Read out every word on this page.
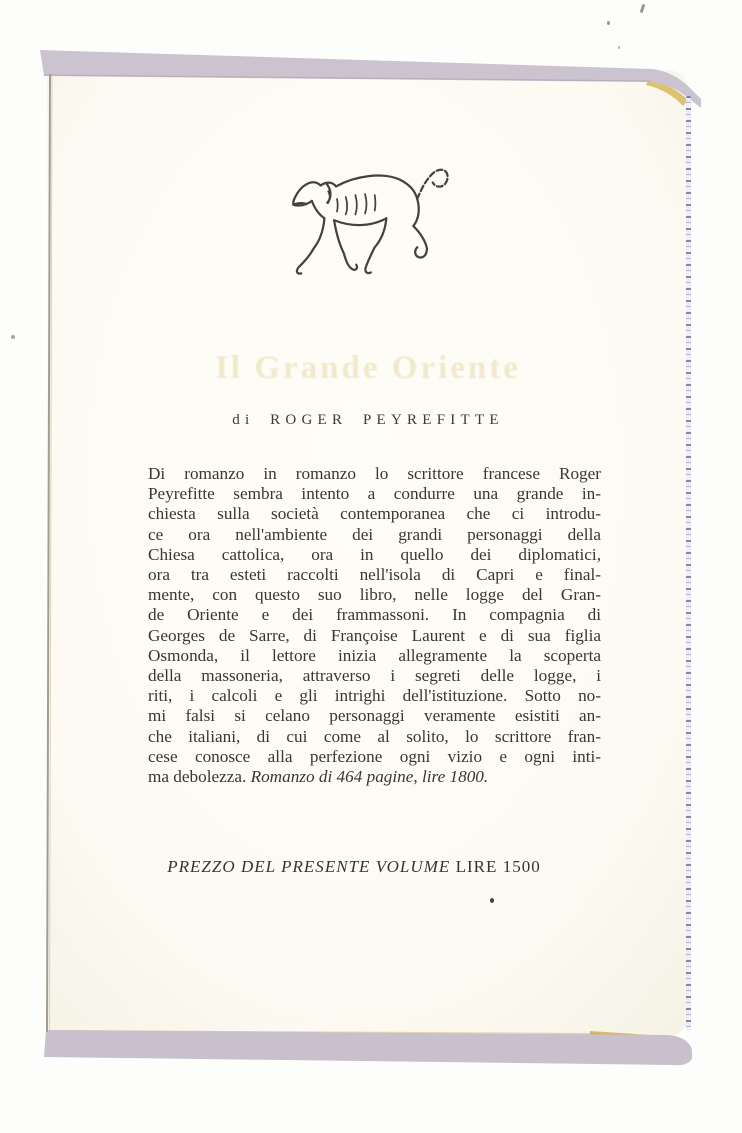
Il Grande Oriente
di ROGER PEYREFITTE
Di romanzo in romanzo lo scrittore francese Roger
Peyrefitte sembra intento a condurre una grande in-
chiesta sulla società contemporanea che ci introdu-
ce ora nell'ambiente dei grandi personaggi della
Chiesa cattolica, ora in quello dei diplomatici,
ora tra esteti raccolti nell'isola di Capri e final-
mente, con questo suo libro, nelle logge del Gran-
de Oriente e dei frammassoni. In compagnia di
Georges de Sarre, di Françoise Laurent e di sua figlia
Osmonda, il lettore inizia allegramente la scoperta
della massoneria, attraverso i segreti delle logge, i
riti, i calcoli e gli intrighi dell'istituzione. Sotto no-
mi falsi si celano personaggi veramente esistiti an-
che italiani, di cui come al solito, lo scrittore fran-
cese conosce alla perfezione ogni vizio e ogni inti-
ma debolezza. Romanzo di 464 pagine, lire 1800.
PREZZO DEL PRESENTE VOLUME LIRE 1500
